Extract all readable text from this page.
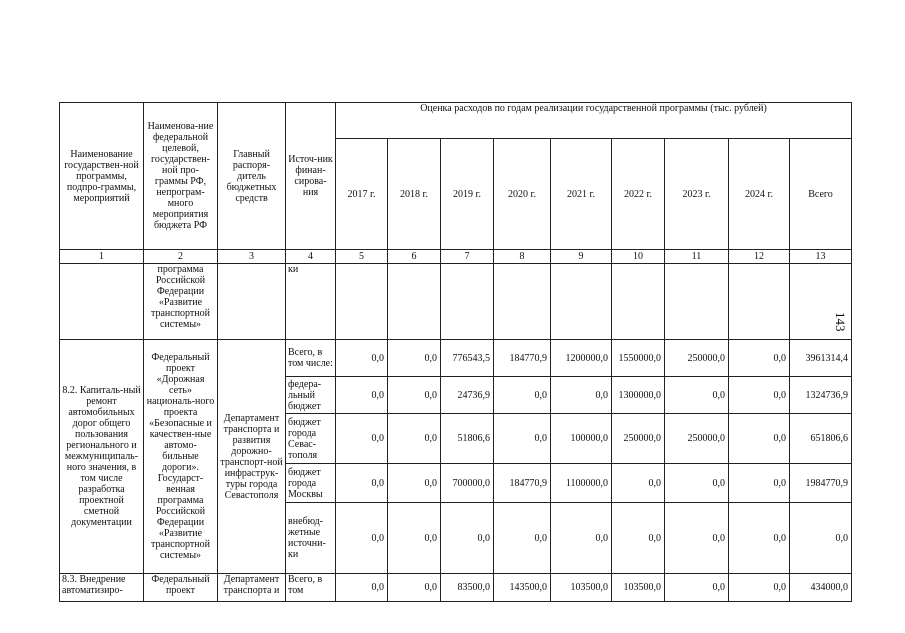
Наименование государствен-ной программы, подпро-граммы, мероприятий	Наименова-ние федеральной целевой, государствен-ной про-граммы РФ, непрограм-много мероприятия бюджета РФ	Главный распоря-дитель бюджетных средств	Источ-ник финан-сирова-ния	Оценка расходов по годам реализации государственной программы (тыс. рублей)								
				2017 г.	2018 г.	2019 г.	2020 г.	2021 г.	2022 г.	2023 г.	2024 г.	Всего
1	2	3	4	5	6	7	8	9	10	11	12	13
	программа Российской Федерации «Развитие транспортной системы»		ки									
8.2. Капиталь-ный ремонт автомобильных дорог общего пользования регионального и межмуниципаль-ного значения, в том числе разработка проектной сметной документации	Федеральный проект «Дорожная сеть» националь-ного проекта «Безопасные и качествен-ные автомо-бильные дороги». Государст-венная программа Российской Федерации «Развитие транспортной системы»	Департамент транспорта и развития дорожно-транспорт-ной инфраструк-туры города Севастополя	Всего, в том числе:	0,0	0,0	776543,5	184770,9	1200000,0	1550000,0	250000,0	0,0	3961314,4
			федера-льный бюджет	0,0	0,0	24736,9	0,0	0,0	1300000,0	0,0	0,0	1324736,9
			бюджет города Севас-тополя	0,0	0,0	51806,6	0,0	100000,0	250000,0	250000,0	0,0	651806,6
			бюджет города Москвы	0,0	0,0	700000,0	184770,9	1100000,0	0,0	0,0	0,0	1984770,9
			внебюд-жетные источни-ки	0,0	0,0	0,0	0,0	0,0	0,0	0,0	0,0	0,0
8.3. Внедрение автоматизиро-	Федеральный проект	Департамент транспорта и	Всего, в том	0,0	0,0	83500,0	143500,0	103500,0	103500,0	0,0	0,0	434000,0
143
